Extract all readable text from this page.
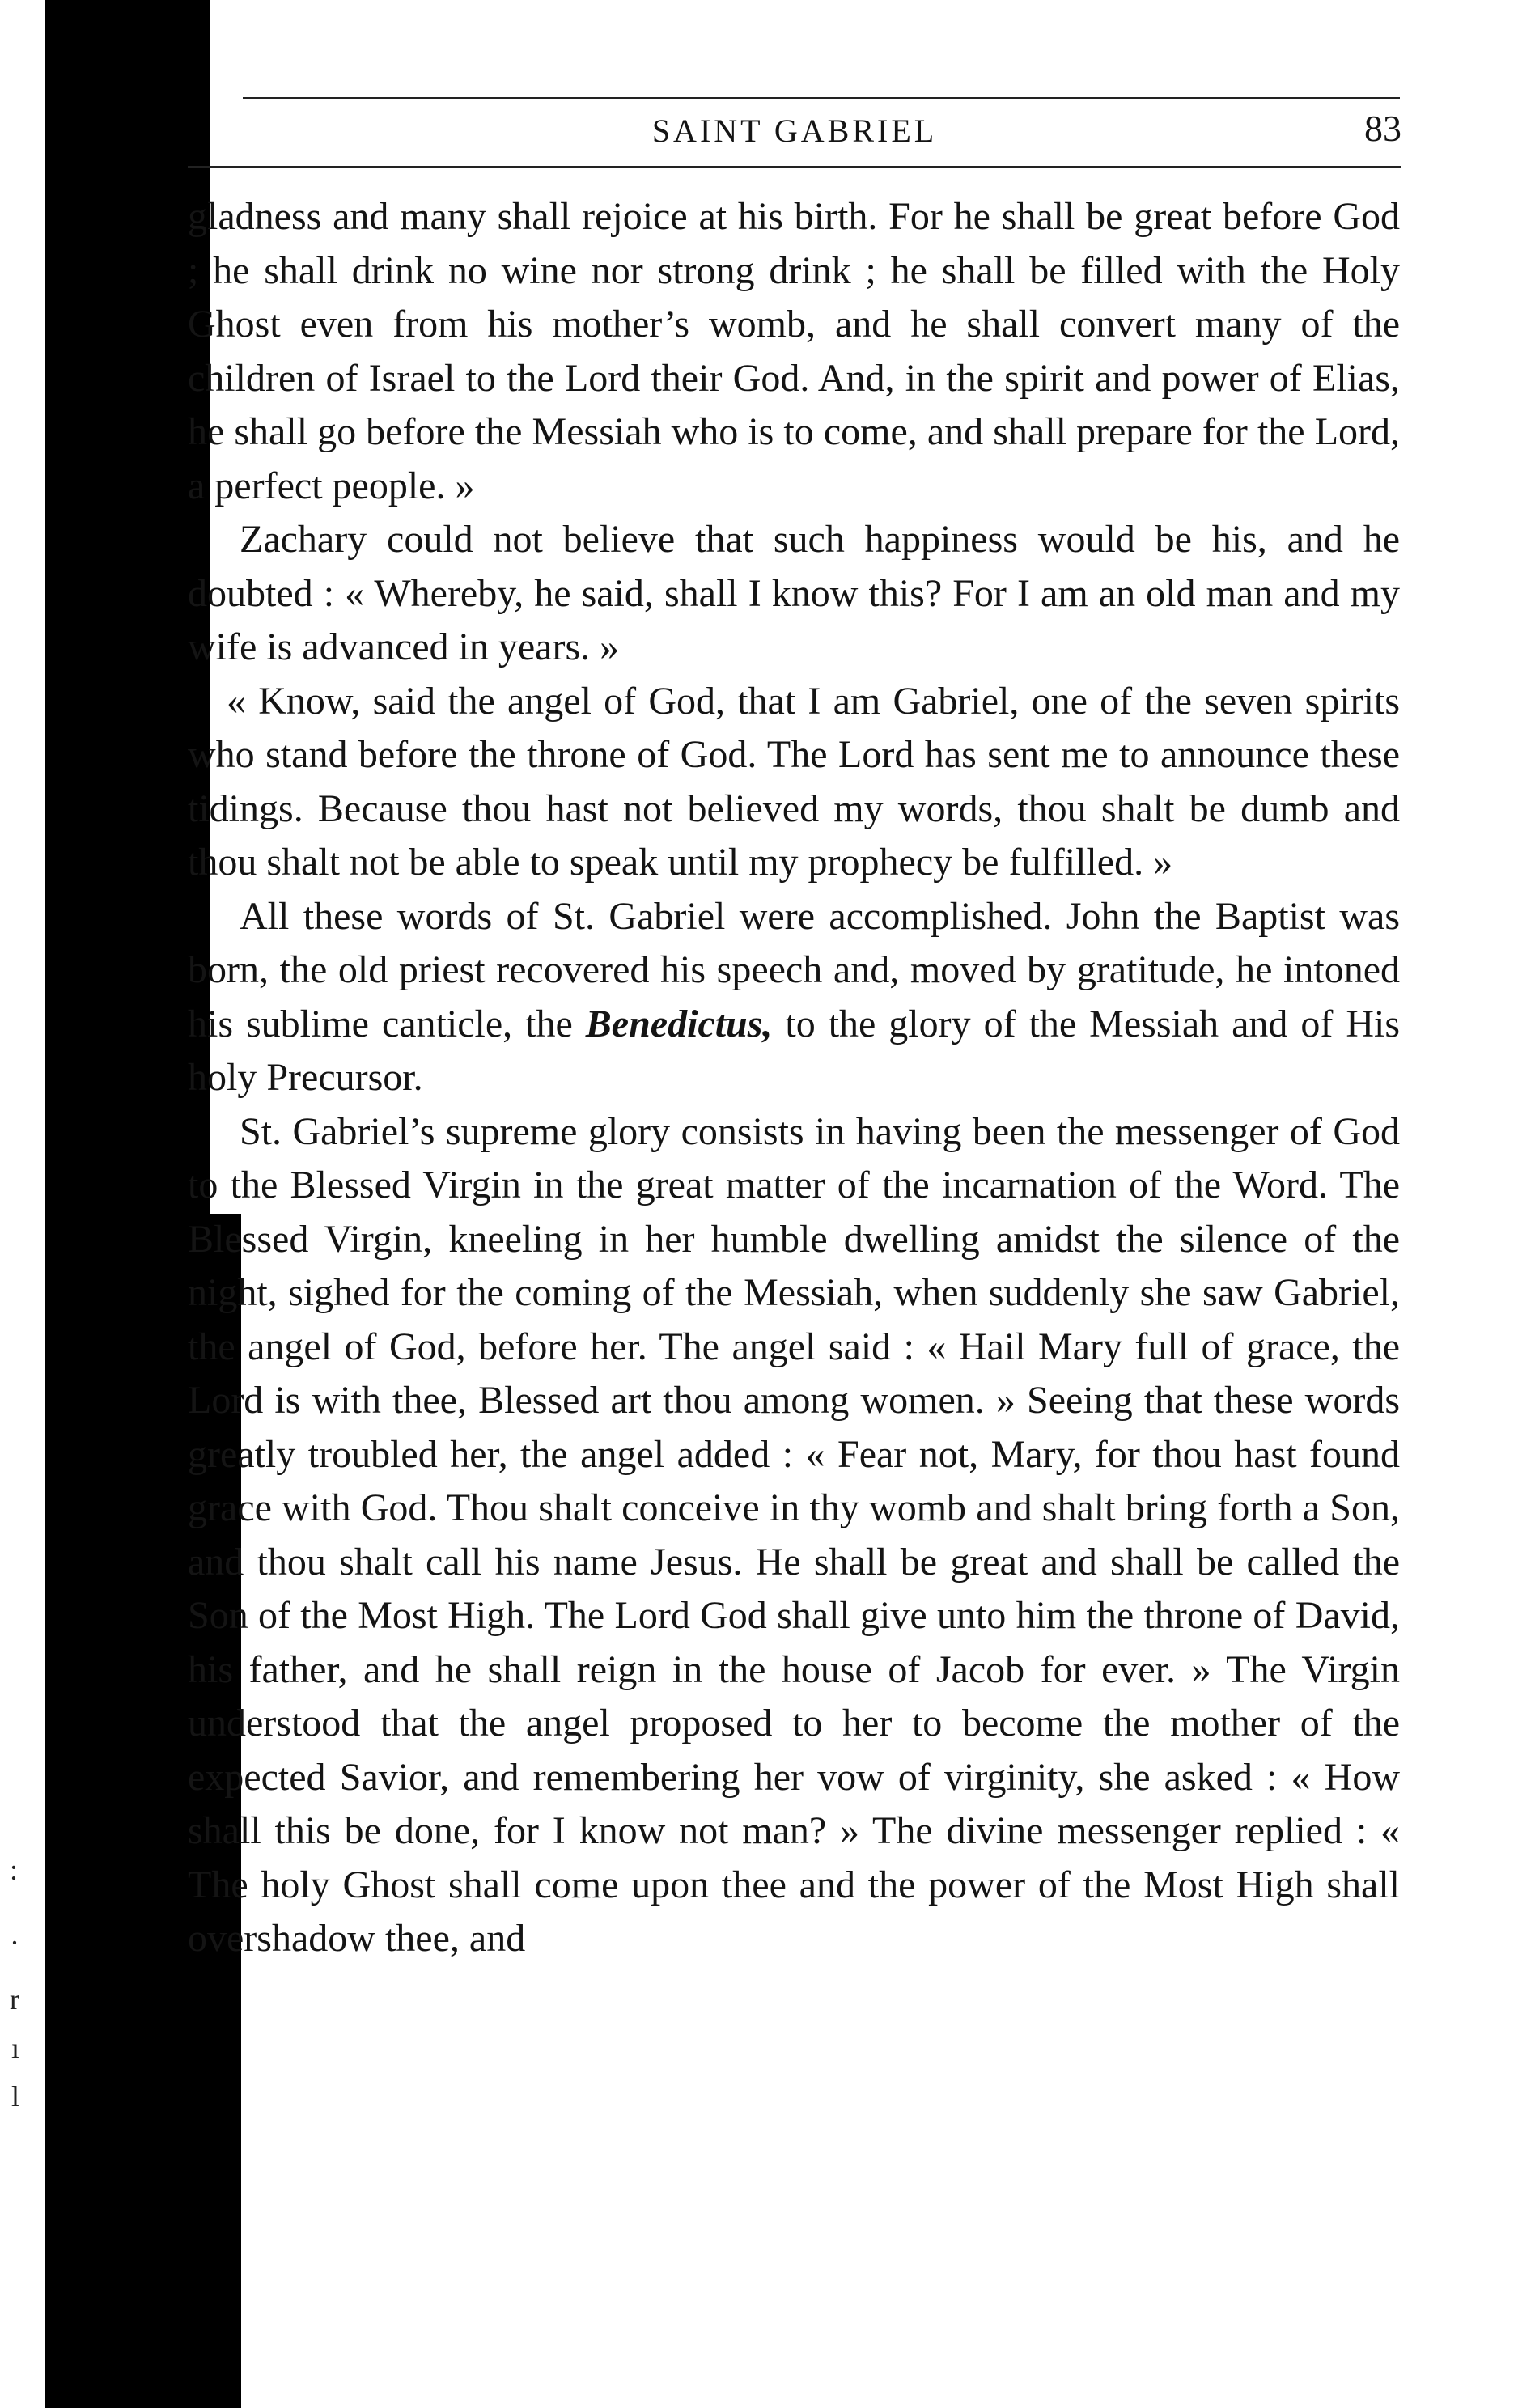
:
·
r
ı
l
SAINT GABRIEL	83

gladness and many shall rejoice at his birth. For he shall be great before God ; he shall drink no wine nor strong drink ; he shall be filled with the Holy Ghost even from his mother’s womb, and he shall convert many of the children of Israel to the Lord their God. And, in the spirit and power of Elias, he shall go before the Messiah who is to come, and shall prepare for the Lord, a perfect people. »

Zachary could not believe that such happiness would be his, and he doubted : « Whereby, he said, shall I know this? For I am an old man and my wife is advanced in years. »

« Know, said the angel of God, that I am Gabriel, one of the seven spirits who stand before the throne of God. The Lord has sent me to announce these tidings. Because thou hast not believed my words, thou shalt be dumb and thou shalt not be able to speak until my prophecy be fulfilled. »

All these words of St. Gabriel were accomplished. John the Baptist was born, the old priest recovered his speech and, moved by gratitude, he intoned his sublime canticle, the Benedictus, to the glory of the Messiah and of His holy Precursor.

St. Gabriel’s supreme glory consists in having been the messenger of God to the Blessed Virgin in the great matter of the incarnation of the Word. The Blessed Virgin, kneeling in her humble dwelling amidst the silence of the night, sighed for the coming of the Messiah, when suddenly she saw Gabriel, the angel of God, before her. The angel said : « Hail Mary full of grace, the Lord is with thee, Blessed art thou among women. » Seeing that these words greatly troubled her, the angel added : « Fear not, Mary, for thou hast found grace with God. Thou shalt conceive in thy womb and shalt bring forth a Son, and thou shalt call his name Jesus. He shall be great and shall be called the Son of the Most High. The Lord God shall give unto him the throne of David, his father, and he shall reign in the house of Jacob for ever. » The Virgin understood that the angel proposed to her to become the mother of the expected Savior, and remembering her vow of virginity, she asked : « How shall this be done, for I know not man? » The divine messenger replied : « The holy Ghost shall come upon thee and the power of the Most High shall overshadow thee, and
